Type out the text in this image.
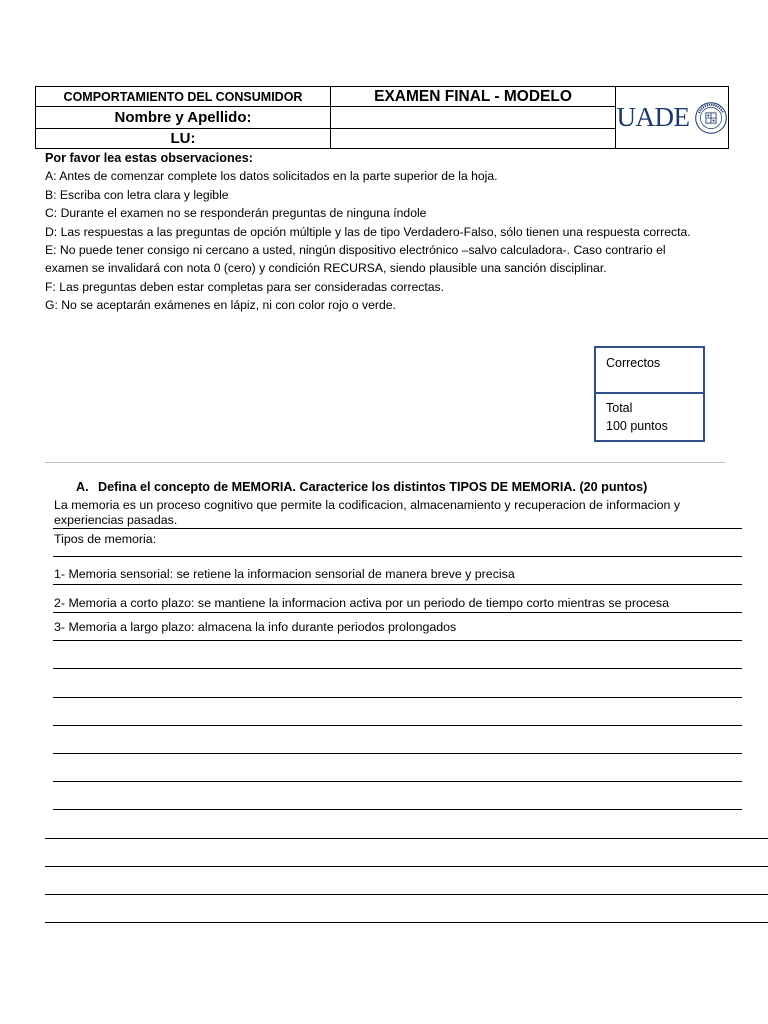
COMPORTAMIENTO DEL CONSUMIDOR	EXAMEN FINAL - MODELO
Nombre y Apellido:
LU:
UADE
Por favor lea estas observaciones:
A: Antes de comenzar complete los datos solicitados en la parte superior de la hoja.
B: Escriba con letra clara y legible
C: Durante el examen no se responderán preguntas de ninguna índole
D: Las respuestas a las preguntas de opción múltiple y las de tipo Verdadero-Falso, sólo tienen una respuesta correcta.
E: No puede tener consigo ni cercano a usted, ningún dispositivo electrónico –salvo calculadora-. Caso contrario el
examen se invalidará con nota 0 (cero) y condición RECURSA, siendo plausible una sanción disciplinar.
F: Las preguntas deben estar completas para ser consideradas correctas.
G: No se aceptarán exámenes en lápiz, ni con color rojo o verde.
Correctos
Total
100 puntos
A. Defina el concepto de MEMORIA. Caracterice los distintos TIPOS DE MEMORIA. (20 puntos)
La memoria es un proceso cognitivo que permite la codificacion, almacenamiento y recuperacion de informacion y
experiencias pasadas.
Tipos de memoria:
1- Memoria sensorial: se retiene la informacion sensorial de manera breve y precisa
2- Memoria a corto plazo: se mantiene la informacion activa por un periodo de tiempo corto mientras se procesa
3- Memoria a largo plazo: almacena la info durante periodos prolongados
